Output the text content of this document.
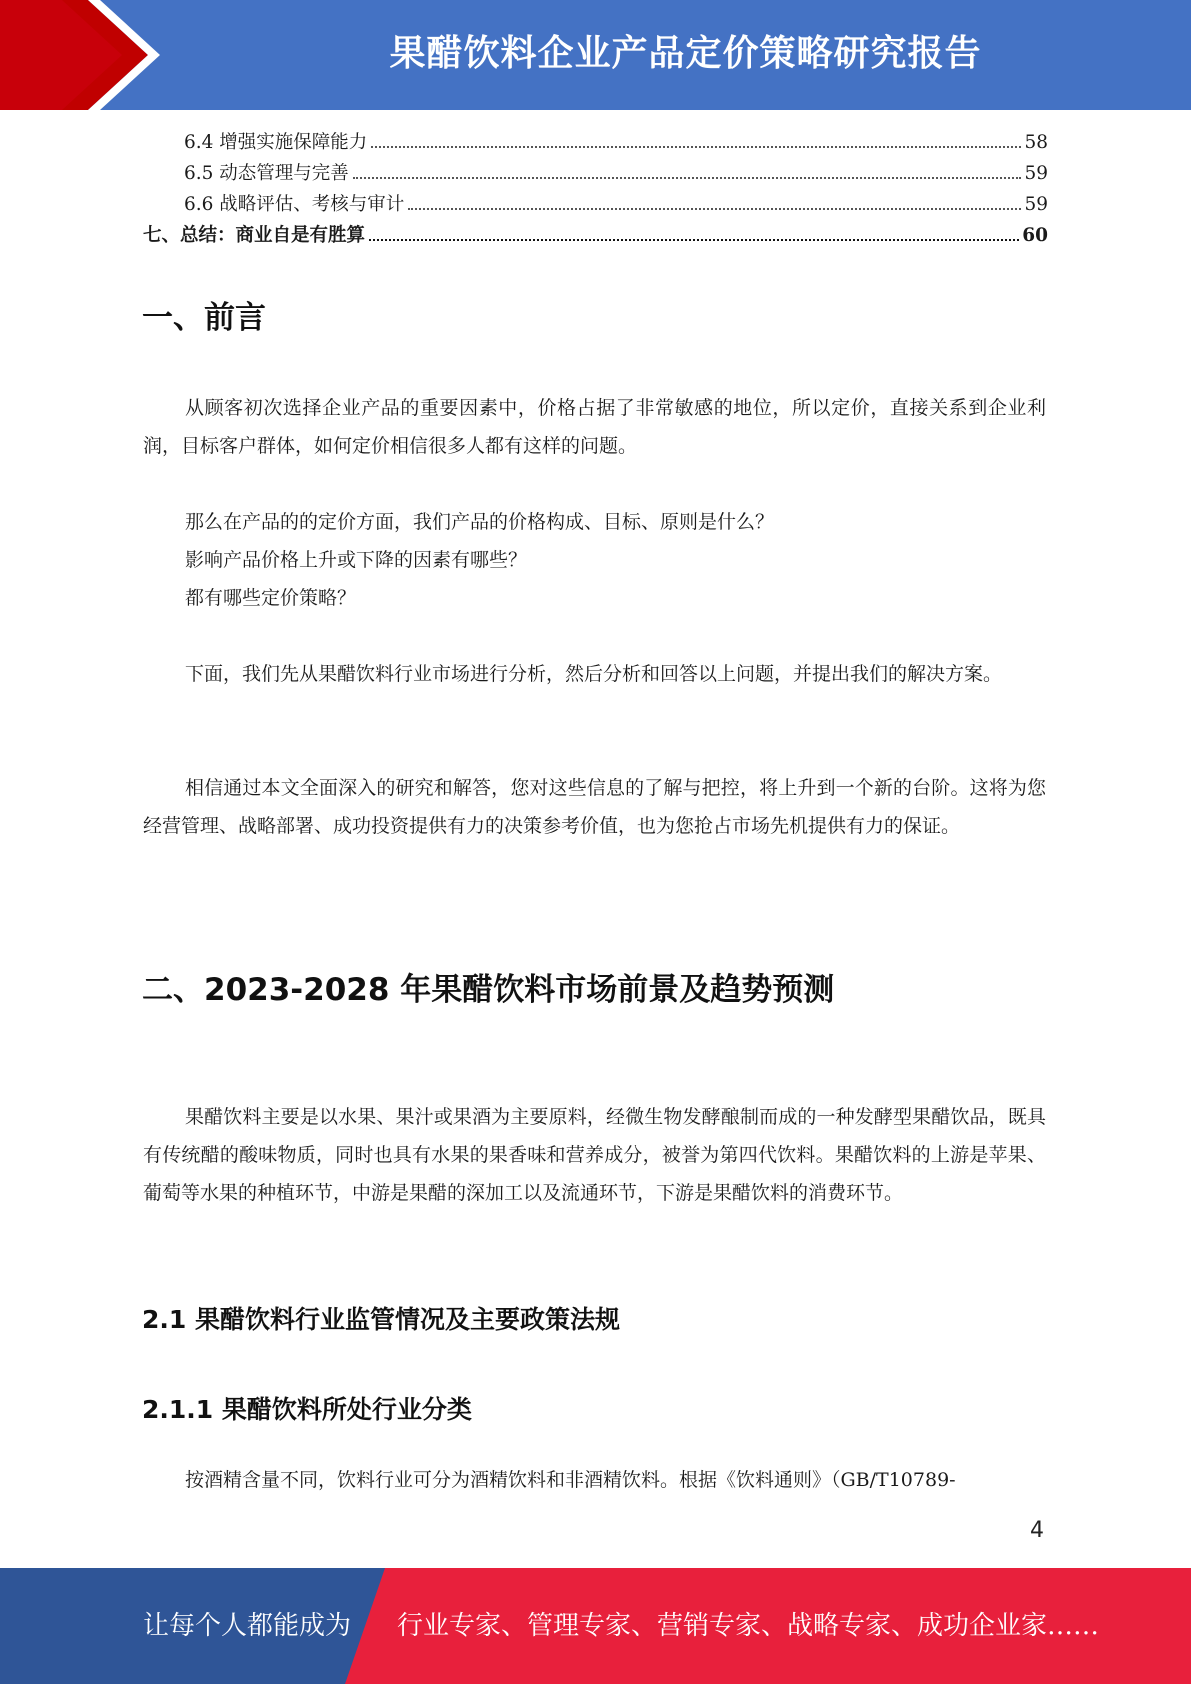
果醋饮料企业产品定价策略研究报告
6.4 增强实施保障能力	58
6.5 动态管理与完善	59
6.6 战略评估、考核与审计	59
七、总结：商业自是有胜算	60
一、前言

从顾客初次选择企业产品的重要因素中，价格占据了非常敏感的地位，所以定价，直接关系到企业利润，目标客户群体，如何定价相信很多人都有这样的问题。

那么在产品的的定价方面，我们产品的价格构成、目标、原则是什么？
影响产品价格上升或下降的因素有哪些？
都有哪些定价策略？

下面，我们先从果醋饮料行业市场进行分析，然后分析和回答以上问题，并提出我们的解决方案。

相信通过本文全面深入的研究和解答，您对这些信息的了解与把控，将上升到一个新的台阶。这将为您经营管理、战略部署、成功投资提供有力的决策参考价值，也为您抢占市场先机提供有力的保证。

二、2023-2028 年果醋饮料市场前景及趋势预测

果醋饮料主要是以水果、果汁或果酒为主要原料，经微生物发酵酿制而成的一种发酵型果醋饮品，既具有传统醋的酸味物质，同时也具有水果的果香味和营养成分，被誉为第四代饮料。果醋饮料的上游是苹果、葡萄等水果的种植环节，中游是果醋的深加工以及流通环节，下游是果醋饮料的消费环节。

2.1 果醋饮料行业监管情况及主要政策法规
2.1.1 果醋饮料所处行业分类

按酒精含量不同，饮料行业可分为酒精饮料和非酒精饮料。根据《饮料通则》（GB/T10789-

4
让每个人都能成为 行业专家、管理专家、营销专家、战略专家、成功企业家……
